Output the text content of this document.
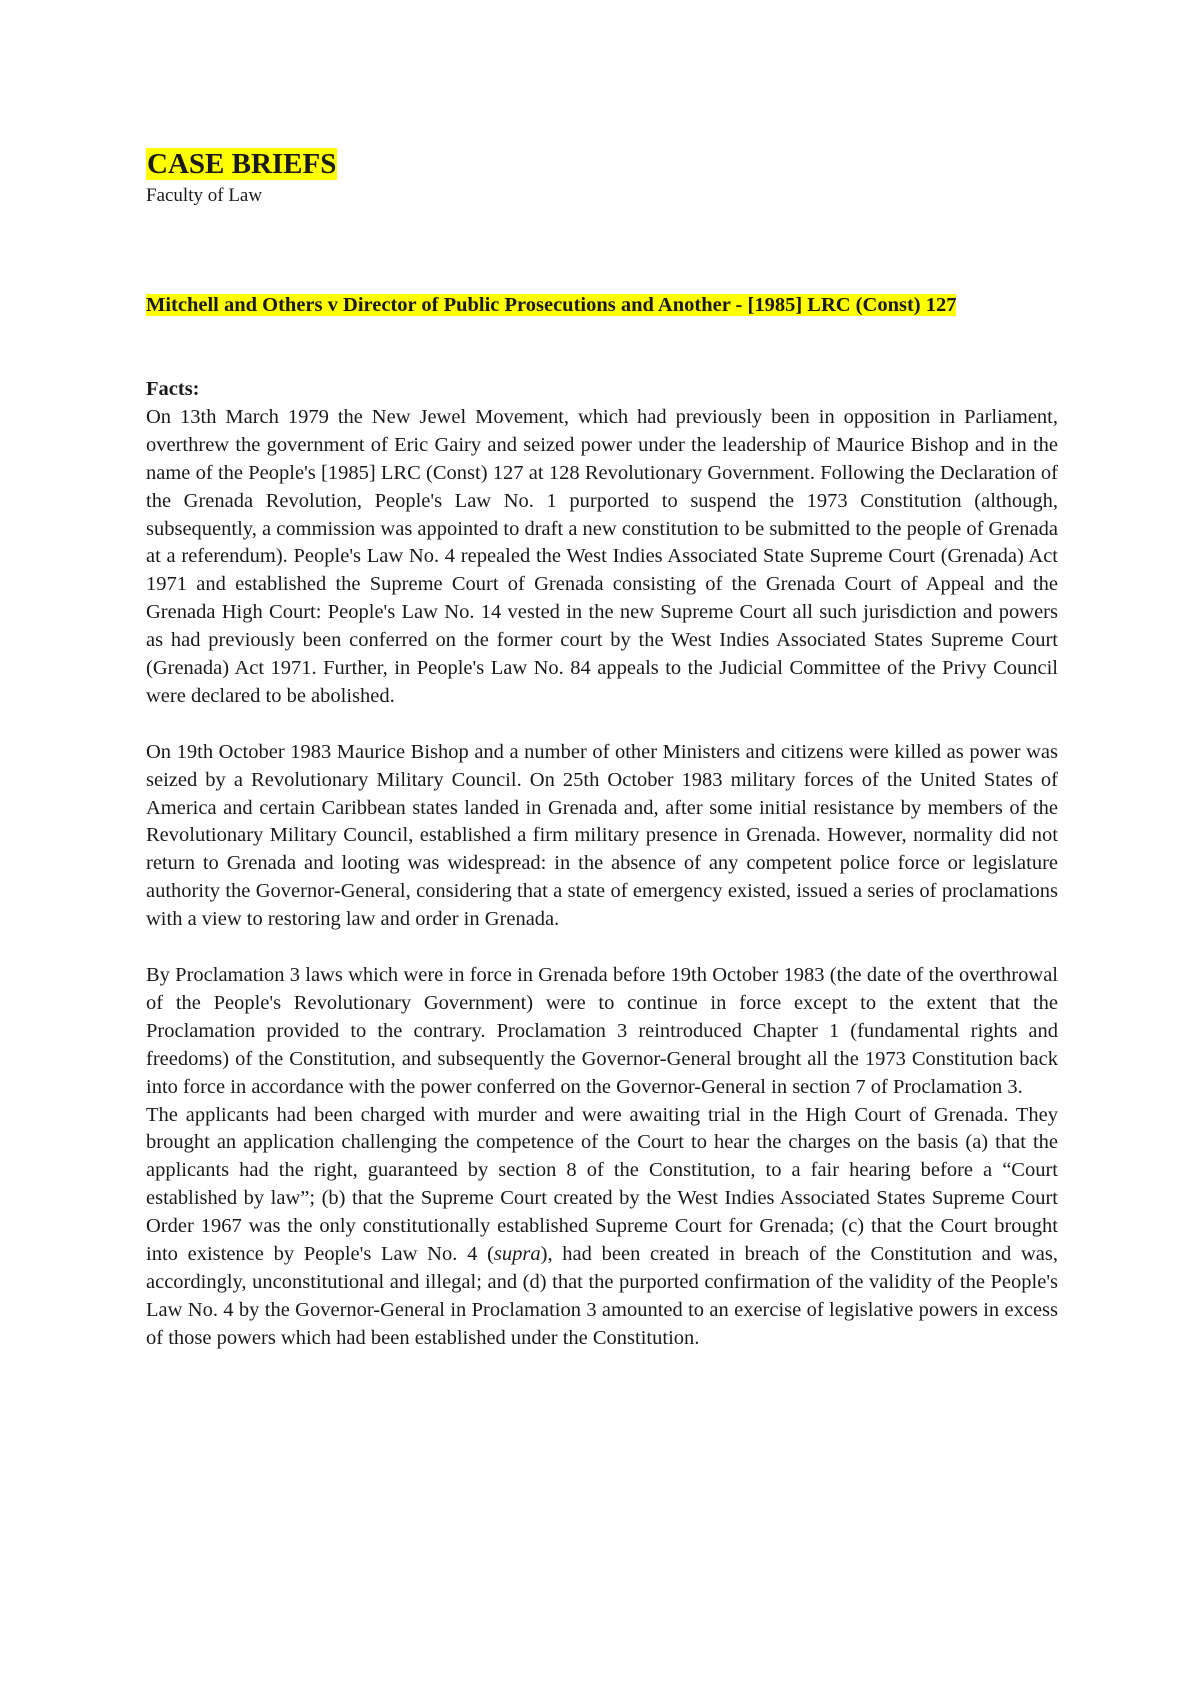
CASE BRIEFS

Faculty of Law

Mitchell and Others v Director of Public Prosecutions and Another - [1985] LRC (Const) 127

Facts:

On 13th March 1979 the New Jewel Movement, which had previously been in opposition in Parliament, overthrew the government of Eric Gairy and seized power under the leadership of Maurice Bishop and in the name of the People's [1985] LRC (Const) 127 at 128 Revolutionary Government. Following the Declaration of the Grenada Revolution, People's Law No. 1 purported to suspend the 1973 Constitution (although, subsequently, a commission was appointed to draft a new constitution to be submitted to the people of Grenada at a referendum). People's Law No. 4 repealed the West Indies Associated State Supreme Court (Grenada) Act 1971 and established the Supreme Court of Grenada consisting of the Grenada Court of Appeal and the Grenada High Court: People's Law No. 14 vested in the new Supreme Court all such jurisdiction and powers as had previously been conferred on the former court by the West Indies Associated States Supreme Court (Grenada) Act 1971. Further, in People's Law No. 84 appeals to the Judicial Committee of the Privy Council were declared to be abolished.

On 19th October 1983 Maurice Bishop and a number of other Ministers and citizens were killed as power was seized by a Revolutionary Military Council. On 25th October 1983 military forces of the United States of America and certain Caribbean states landed in Grenada and, after some initial resistance by members of the Revolutionary Military Council, established a firm military presence in Grenada. However, normality did not return to Grenada and looting was widespread: in the absence of any competent police force or legislature authority the Governor-General, considering that a state of emergency existed, issued a series of proclamations with a view to restoring law and order in Grenada.

By Proclamation 3 laws which were in force in Grenada before 19th October 1983 (the date of the overthrowal of the People's Revolutionary Government) were to continue in force except to the extent that the Proclamation provided to the contrary. Proclamation 3 reintroduced Chapter 1 (fundamental rights and freedoms) of the Constitution, and subsequently the Governor-General brought all the 1973 Constitution back into force in accordance with the power conferred on the Governor-General in section 7 of Proclamation 3.

The applicants had been charged with murder and were awaiting trial in the High Court of Grenada. They brought an application challenging the competence of the Court to hear the charges on the basis (a) that the applicants had the right, guaranteed by section 8 of the Constitution, to a fair hearing before a “Court established by law”; (b) that the Supreme Court created by the West Indies Associated States Supreme Court Order 1967 was the only constitutionally established Supreme Court for Grenada; (c) that the Court brought into existence by People's Law No. 4 (supra), had been created in breach of the Constitution and was, accordingly, unconstitutional and illegal; and (d) that the purported confirmation of the validity of the People's Law No. 4 by the Governor-General in Proclamation 3 amounted to an exercise of legislative powers in excess of those powers which had been established under the Constitution.
